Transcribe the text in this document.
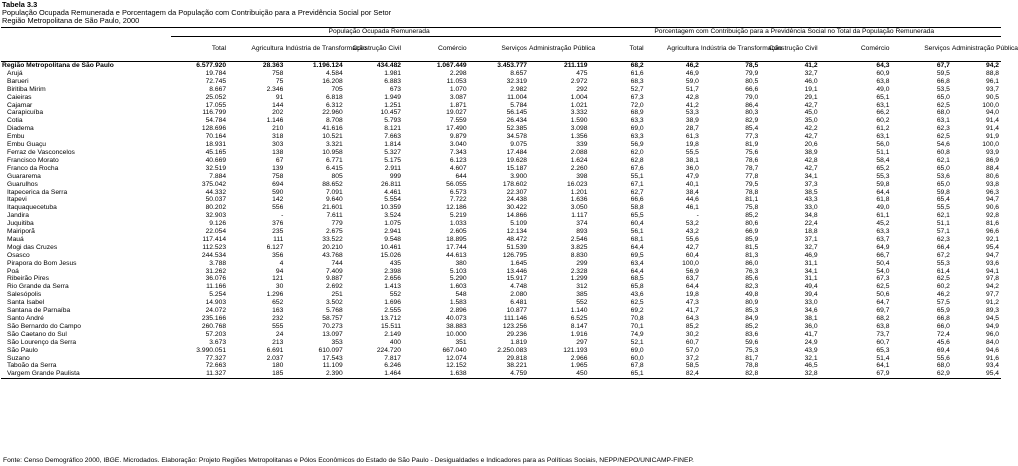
Tabela 3.3
População Ocupada Remunerada e Porcentagem da População com Contribuição para a Previdência Social por Setor
Região Metropolitana de São Paulo, 2000
	População Ocupada Remunerada							Porcentagem com Contribuição para a Previdência Social no Total da População Remunerada						
	Total	Agricultura	Indústria de Transformação	Construção Civil	Comércio	Serviços	Administração Pública	Total	Agricultura	Indústria de Transformação	Construção Civil	Comércio	Serviços	Administração Pública
Região Metropolitana de São Paulo	6.577.920	28.363	1.196.124	434.482	1.067.449	3.453.777	211.119	68,2	46,2	78,5	41,2	64,3	67,7	94,2
Arujá	19.784	758	4.584	1.981	2.298	8.657	475	61,6	46,9	79,9	32,7	60,9	59,5	88,8
Barueri	72.745	75	16.208	6.883	11.053	32.319	2.972	68,3	59,0	80,5	46,0	63,8	66,8	96,1
Biritiba Mirim	8.667	2.346	705	673	1.070	2.982	292	52,7	51,7	66,6	19,1	49,0	53,5	93,7
Caieiras	25.052	91	6.818	1.949	3.087	11.004	1.004	67,3	42,8	79,0	29,1	65,1	65,0	90,5
Cajamar	17.055	144	6.312	1.251	1.871	5.784	1.021	72,0	41,2	86,4	42,7	63,1	62,5	100,0
Carapicuíba	116.799	202	22.960	10.457	19.027	56.145	3.332	68,9	53,3	80,3	45,0	66,2	68,0	94,0
Cotia	54.784	1.146	8.708	5.793	7.559	26.434	1.590	63,3	38,9	82,9	35,0	60,2	63,1	91,4
Diadema	128.696	210	41.616	8.121	17.490	52.385	3.098	69,0	28,7	85,4	42,2	61,2	62,3	91,4
Embu	70.164	318	10.521	7.663	9.879	34.578	1.356	63,3	61,3	77,3	42,7	63,1	62,5	91,9
Embu Guaçu	18.931	303	3.321	1.814	3.040	9.075	339	56,9	19,8	81,9	20,6	56,0	54,6	100,0
Ferraz de Vasconcelos	45.165	138	10.958	5.327	7.343	17.484	2.088	62,0	55,5	75,6	38,9	51,1	60,8	93,9
Francisco Morato	40.669	67	6.771	5.175	6.123	19.628	1.624	62,8	38,1	78,6	42,8	58,4	62,1	86,9
Franco da Rocha	32.519	139	6.415	2.911	4.607	15.187	2.260	67,6	36,0	78,7	42,7	65,2	65,0	88,4
Guararema	7.884	758	805	999	644	3.900	398	55,1	47,9	77,8	34,1	55,3	53,6	80,6
Guarulhos	375.042	694	88.652	26.811	56.055	178.602	16.023	67,1	40,1	79,5	37,3	59,8	65,0	93,8
Itapecerica da Serra	44.332	590	7.091	4.461	6.573	22.307	1.201	62,7	38,4	78,8	38,5	64,4	59,8	96,3
Itapevi	50.037	142	9.640	5.554	7.722	24.438	1.636	66,6	44,6	81,1	43,3	61,8	65,4	94,7
Itaquaquecetuba	80.202	556	21.601	10.359	12.186	30.422	3.050	58,8	46,1	75,8	33,0	49,0	55,5	90,6
Jandira	32.903	-	7.611	3.524	5.219	14.866	1.117	65,5	-	85,2	34,8	61,1	62,1	92,8
Juquitiba	9.126	376	779	1.075	1.033	5.109	374	60,4	53,2	80,6	22,4	45,2	51,1	81,6
Mairiporã	22.054	235	2.675	2.941	2.605	12.134	893	56,1	43,2	66,9	18,8	63,3	57,1	96,6
Mauá	117.414	111	33.522	9.548	18.895	48.472	2.546	68,1	55,6	85,9	37,1	63,7	62,3	92,1
Mogi das Cruzes	112.523	6.127	20.210	10.461	17.744	51.539	3.825	64,4	42,7	81,5	32,7	64,9	66,4	95,4
Osasco	244.534	356	43.768	15.026	44.613	126.795	8.830	69,5	60,4	81,3	46,9	66,7	67,2	94,7
Pirapora do Bom Jesus	3.788	4	744	435	380	1.645	299	63,4	100,0	86,0	31,1	50,4	55,3	93,6
Poá	31.262	94	7.409	2.398	5.103	13.446	2.328	64,4	56,9	76,3	34,1	54,0	61,4	94,1
Ribeirão Pires	36.076	121	9.887	2.656	5.290	15.917	1.299	68,5	63,7	85,6	31,1	67,3	62,5	97,8
Rio Grande da Serra	11.166	30	2.692	1.413	1.603	4.748	312	65,8	64,4	82,3	49,4	62,5	60,2	94,2
Salesópolis	5.254	1.296	251	552	548	2.080	385	43,6	19,8	49,8	39,4	50,6	46,2	97,7
Santa Isabel	14.903	652	3.502	1.696	1.583	6.481	552	62,5	47,3	80,9	33,0	64,7	57,5	91,2
Santana de Parnaíba	24.072	163	5.768	2.555	2.896	10.877	1.140	69,2	41,7	85,3	34,6	69,7	65,9	89,3
Santo André	235.166	232	58.757	13.712	40.073	111.146	6.525	70,8	64,3	84,9	38,1	68,2	66,8	94,5
São Bernardo do Campo	260.768	555	70.273	15.511	38.883	123.256	8.147	70,1	85,2	85,2	36,0	63,8	66,0	94,9
São Caetano do Sul	57.203	24	13.097	2.149	10.000	29.236	1.916	74,9	30,2	83,6	41,7	73,7	72,4	96,0
São Lourenço da Serra	3.673	213	353	400	351	1.819	297	52,1	60,7	59,6	24,9	60,7	45,6	84,0
São Paulo	3.990.051	6.691	610.097	224.720	667.040	2.250.083	121.193	69,0	57,0	75,3	43,9	65,3	69,4	94,6
Suzano	77.327	2.037	17.543	7.817	12.074	29.818	2.966	60,0	37,2	81,7	32,1	51,4	55,6	91,6
Taboão da Serra	72.663	180	11.109	6.246	12.152	38.221	1.965	67,8	58,5	78,8	46,5	64,1	68,0	93,4
Vargem Grande Paulista	11.327	185	2.390	1.464	1.638	4.759	450	65,1	82,4	82,8	32,8	67,9	62,9	95,4
Fonte: Censo Demográfico 2000, IBGE. Microdados. Elaboração: Projeto Regiões Metropolitanas e Pólos Econômicos do Estado de São Paulo - Desigualdades e Indicadores para as Políticas Sociais, NEPP/NEPO/UNICAMP-FINEP.
